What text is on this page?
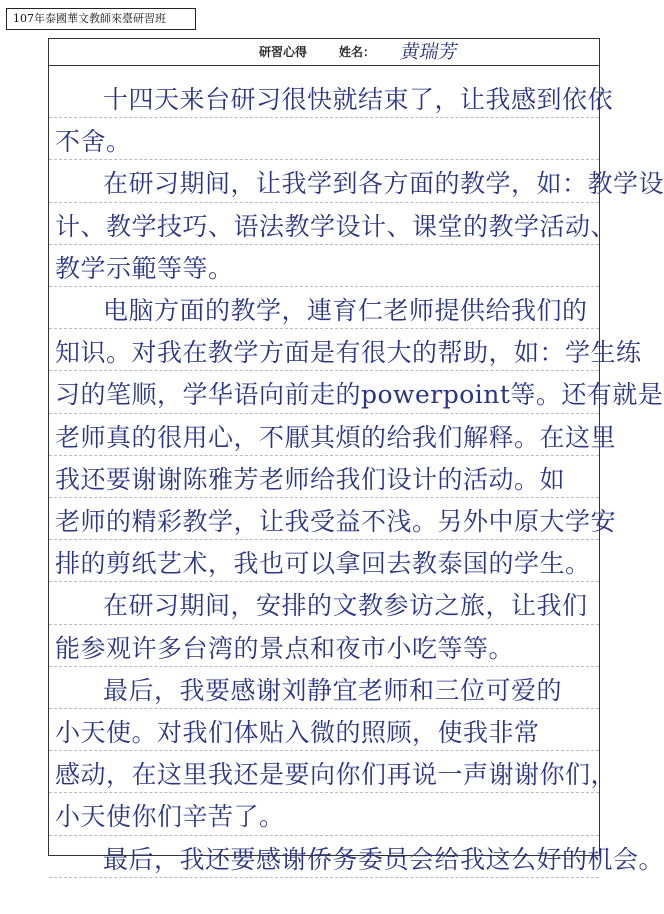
107年泰國華文教師來臺研習班
研習心得	姓名： 黄瑞芳
十四天来台研习很快就结束了，让我感到依依
不舍。
在研习期间，让我学到各方面的教学，如：教学设
计、教学技巧、语法教学设计、课堂的教学活动、
教学示範等等。
电脑方面的教学，連育仁老师提供给我们的
知识。对我在教学方面是有很大的帮助，如：学生练
习的笔顺，学华语向前走的powerpoint等。还有就是
老师真的很用心，不厭其煩的给我们解释。在这里
我还要谢谢陈雅芳老师给我们设计的活动。如
老师的精彩教学，让我受益不浅。另外中原大学安
排的剪纸艺术，我也可以拿回去教泰国的学生。
在研习期间，安排的文教参访之旅，让我们
能参观许多台湾的景点和夜市小吃等等。
最后，我要感谢刘静宜老师和三位可爱的
小天使。对我们体贴入微的照顾，使我非常
感动，在这里我还是要向你们再说一声谢谢你们，
小天使你们辛苦了。
最后，我还要感谢侨务委员会给我这么好的机会。
